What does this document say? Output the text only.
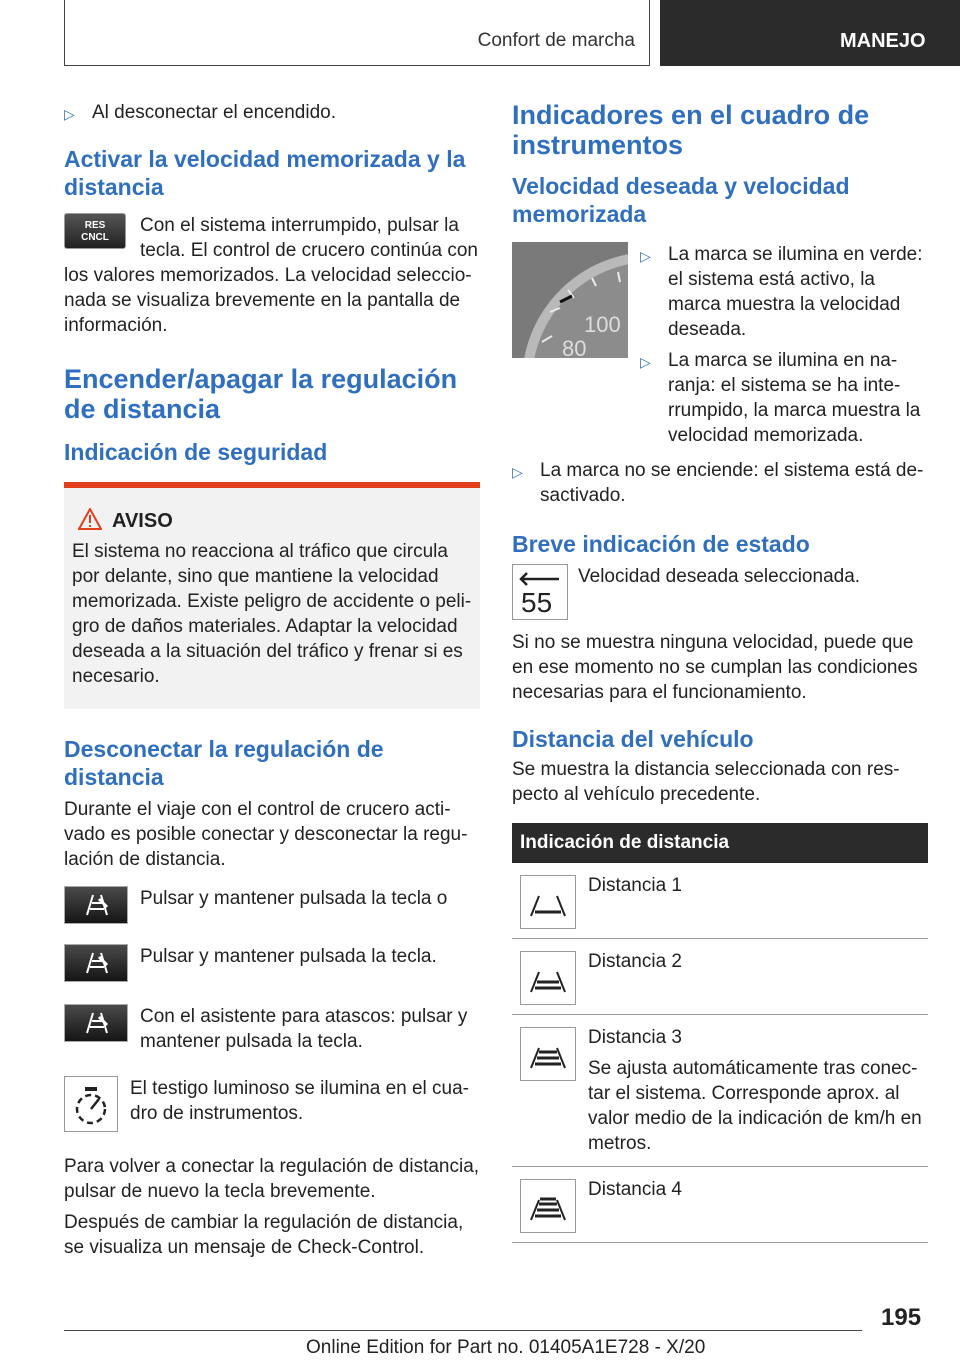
Confort de marcha	MANEJO
▷ Al desconectar el encendido.
Activar la velocidad memorizada y la distancia
RES
CNCL

Con el sistema interrumpido, pulsar la tecla. El control de crucero continúa con los valores memorizados. La velocidad seleccio-nada se visualiza brevemente en la pantalla de información.

Encender/apagar la regulación de distancia
Indicación de seguridad
AVISO

El sistema no reacciona al tráfico que circula por delante, sino que mantiene la velocidad memorizada. Existe peligro de accidente o peli-gro de daños materiales. Adaptar la velocidad deseada a la situación del tráfico y frenar si es necesario.

Desconectar la regulación de distancia

Durante el viaje con el control de crucero acti-vado es posible conectar y desconectar la regu-lación de distancia.

Pulsar y mantener pulsada la tecla o

Pulsar y mantener pulsada la tecla.

Con el asistente para atascos: pulsar y mantener pulsada la tecla.

El testigo luminoso se ilumina en el cua-dro de instrumentos.

Para volver a conectar la regulación de distancia, pulsar de nuevo la tecla brevemente.

Después de cambiar la regulación de distancia, se visualiza un mensaje de Check-Control.

Indicadores en el cuadro de instrumentos
Velocidad deseada y velocidad memorizada
100
80
▷ La marca se ilumina en verde: el sistema está activo, la marca muestra la velocidad deseada.
▷ La marca se ilumina en na-ranja: el sistema se ha inte-rrumpido, la marca muestra la velocidad memorizada.
▷ La marca no se enciende: el sistema está de-sactivado.
Breve indicación de estado
55

Velocidad deseada seleccionada.

Si no se muestra ninguna velocidad, puede que en ese momento no se cumplan las condiciones necesarias para el funcionamiento.

Distancia del vehículo

Se muestra la distancia seleccionada con res-pecto al vehículo precedente.

Indicación de distancia

Distancia 1

Distancia 2

Distancia 3

Se ajusta automáticamente tras conec-tar el sistema. Corresponde aprox. al valor medio de la indicación de km/h en metros.

Distancia 4

195
Online Edition for Part no. 01405A1E728 - X/20
